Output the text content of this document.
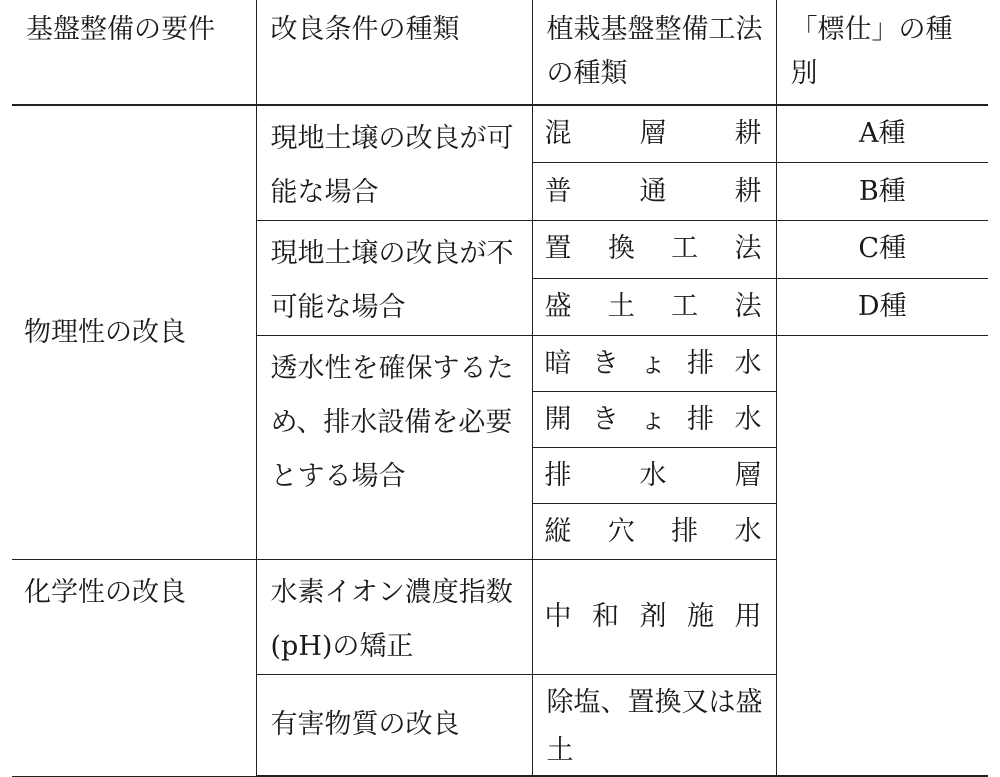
基盤整備の要件	改良条件の種類	植栽基盤整備工法の種類	「標仕」の種別

物理性の改良	現地土壌の改良が可能な場合	混層耕	A種
		普通耕	B種
	現地土壌の改良が不可能な場合	置換工法	C種
		盛土工法	D種
	透水性を確保するため、排水設備を必要とする場合	暗きょ排水	
		開きょ排水	
		排水層	
		縦穴排水	
化学性の改良	水素イオン濃度指数(pH)の矯正	中和剤施用	
	有害物質の改良	除塩、置換又は盛土	
